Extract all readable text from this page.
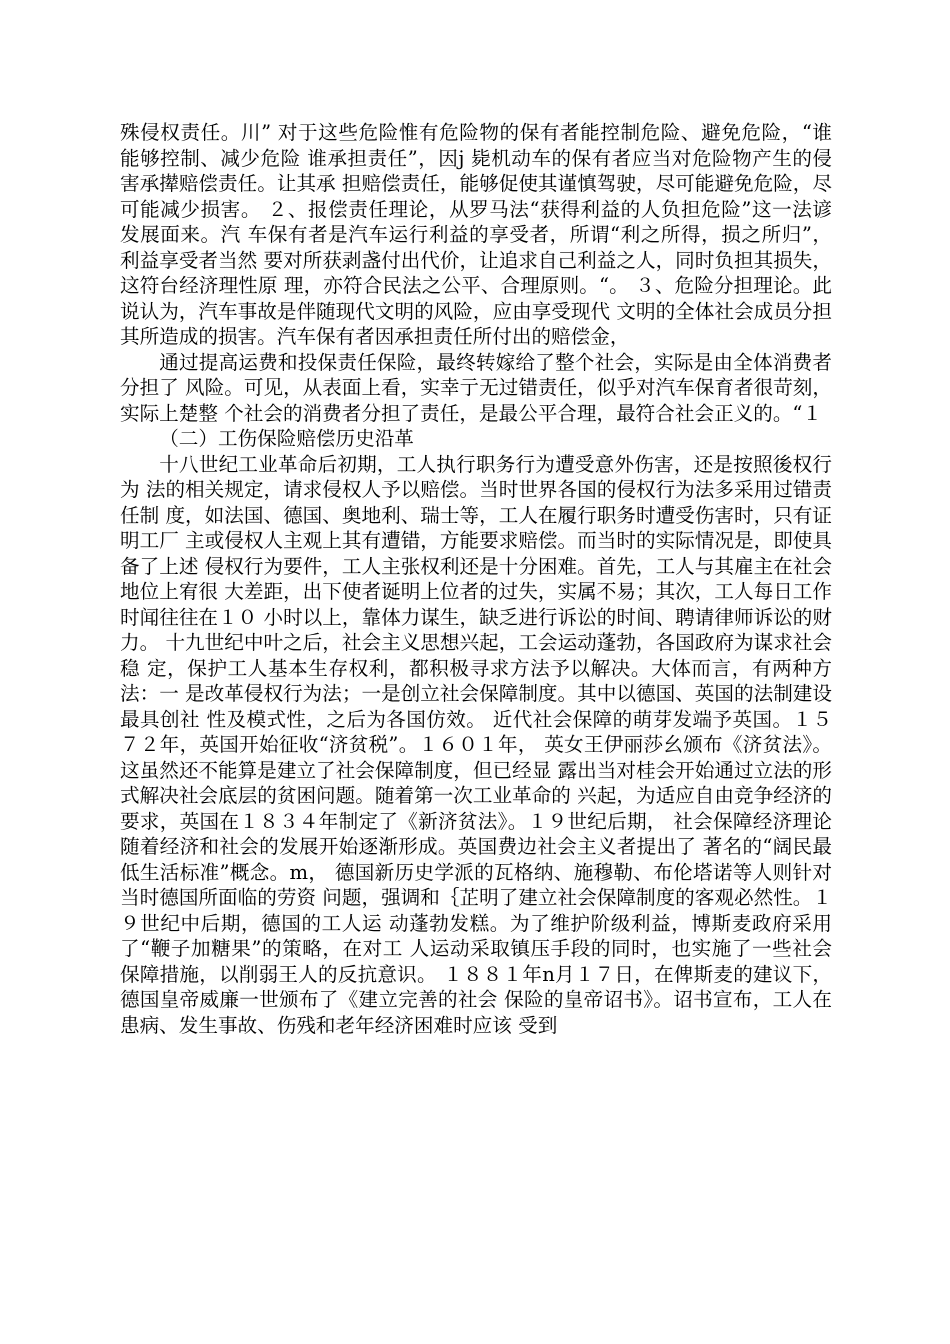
殊侵权责任。川” 对于这些危险惟有危险物的保有者能控制危险、避免危险，“谁能够控制、减少危险 谁承担责任”，因j 毙机动车的保有者应当对危险物产生的侵害承撵赔偿责任。让其承 担赔偿责任，能够促使其谨慎驾驶，尽可能避免危险，尽可能减少损害。 ２、报偿责任理论，从罗马法“获得利益的人负担危险”这一法谚发展面来。汽 车保有者是汽车运行利益的享受者，所谓“利之所得，损之所归”，利益享受者当然 要对所获剥盏付出代价，让追求自己利益之人，同时负担其损失，这符台经济理性原 理，亦符合民法之公平、合理原则。“。 ３、危险分担理论。此说认为，汽车事故是伴随现代文明的风险，应由享受现代 文明的全体社会成员分担其所造成的损害。汽车保有者因承担责任所付出的赔偿金，

通过提高运费和投保责任保险，最终转嫁给了整个社会，实际是由全体消费者分担了 风险。可见，从表面上看，实幸亍无过错责任，似乎对汽车保育者很苛刻，实际上楚整 个社会的消费者分担了责任，是最公平合理，最符合社会正义的。“１

（二）工伤保险赔偿历史沿革

十八世纪工业革命后初期，工人执行职务行为遭受意外伤害，还是按照後权行为 法的相关规定，请求侵权人予以赔偿。当时世界各国的侵权行为法多采用过错责任制 度，如法国、德国、奥地利、瑞士等，工人在履行职务时遭受伤害时，只有证明工厂 主或侵权人主观上其有遭错，方能要求赔偿。而当时的实际情况是，即使具备了上述 侵权行为要件，工人主张权利还是十分困难。首先，工人与其雇主在社会地位上宥很 大差距，出下使者诞明上位者的过失，实属不易；其次，工人每日工作时闻往往在１０ 小时以上，靠体力谋生，缺乏进行诉讼的时间、聘请律师诉讼的财力。 十九世纪中叶之后，社会主义思想兴起，工会运动蓬勃，各国政府为谋求社会稳 定，保护工人基本生存权利，都积极寻求方法予以解决。大体而言，有两种方法：一 是改革侵权行为法；一是创立社会保障制度。其中以德国、英国的法制建设最具创社 性及模式性，之后为各国仿效。 近代社会保障的萌芽发端予英国。１５７２年，英国开始征收“济贫税”。１６０１年， 英女王伊丽莎幺颁布《济贫法》。这虽然还不能算是建立了社会保障制度，但已经显 露出当对桂会开始通过立法的形式解决社会底层的贫困问题。随着第一次工业革命的 兴起，为适应自由竞争经济的要求，英国在１８３４年制定了《新济贫法》。１９世纪后期， 社会保障经济理论随着经济和社会的发展开始逐渐形成。英国费边社会主义者提出了 著名的“阔民最低生活标准”概念。m， 德国新历史学派的瓦格纳、施穆勒、布伦塔诺等人则针对当时德国所面临的劳资 问题，强调和｛芷明了建立社会保障制度的客观必然性。１９世纪中后期，德国的工人运 动蓬勃发糕。为了维护阶级利益，博斯麦政府采用了“鞭子加糖果”的策略，在对工 人运动采取镇压手段的同时，也实施了一些社会保障措施，以削弱王人的反抗意识。 １８８１年n月１７日，在俾斯麦的建议下，德国皇帝威廉一世颁布了《建立完善的社会 保险的皇帝诏书》。诏书宣布，工人在患病、发生事故、伤残和老年经济困难时应该 受到
